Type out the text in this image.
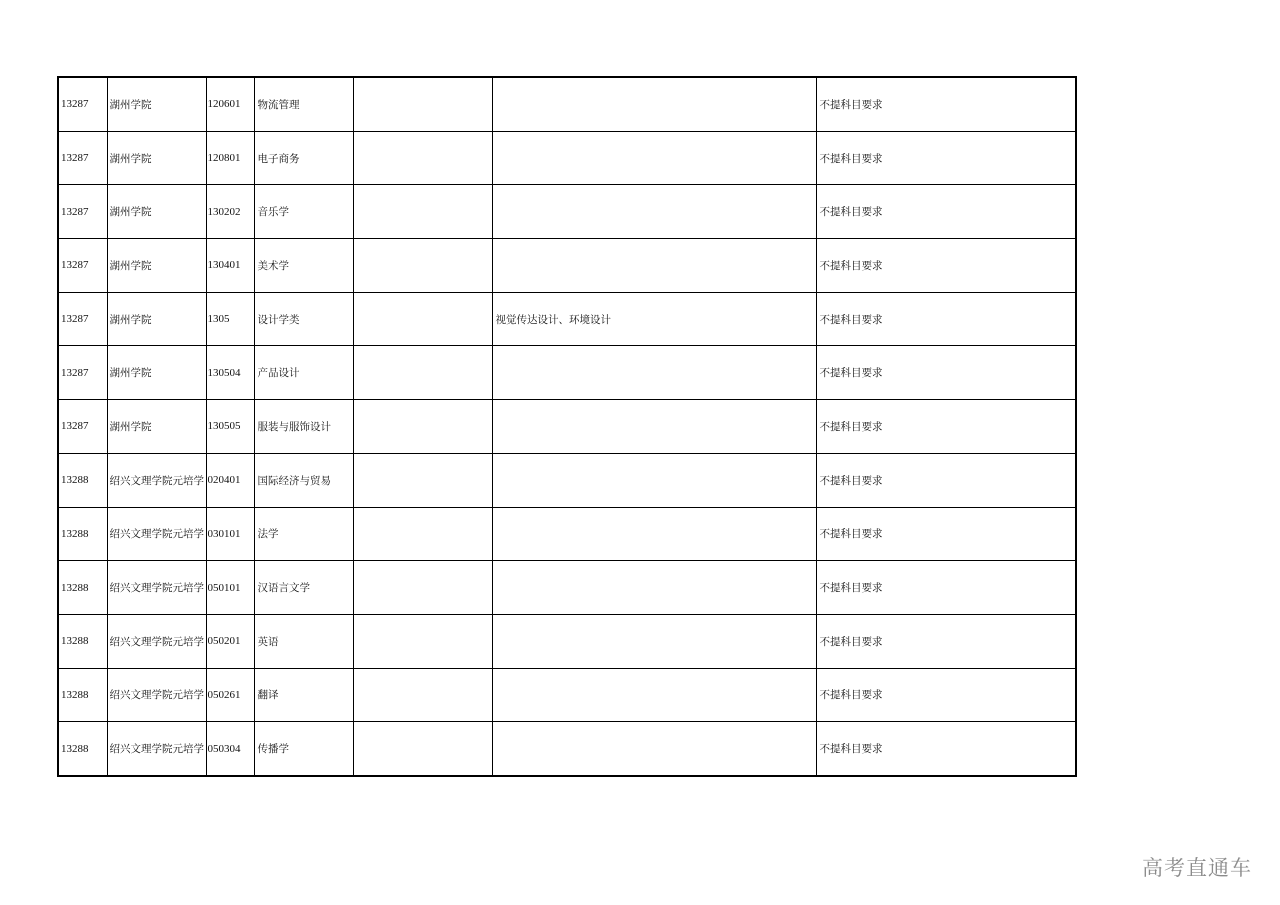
13287	湖州学院	120601	物流管理			不提科目要求
13287	湖州学院	120801	电子商务			不提科目要求
13287	湖州学院	130202	音乐学			不提科目要求
13287	湖州学院	130401	美术学			不提科目要求
13287	湖州学院	1305	设计学类		视觉传达设计、环境设计	不提科目要求
13287	湖州学院	130504	产品设计			不提科目要求
13287	湖州学院	130505	服装与服饰设计			不提科目要求
13288	绍兴文理学院元培学	020401	国际经济与贸易			不提科目要求
13288	绍兴文理学院元培学	030101	法学			不提科目要求
13288	绍兴文理学院元培学	050101	汉语言文学			不提科目要求
13288	绍兴文理学院元培学	050201	英语			不提科目要求
13288	绍兴文理学院元培学	050261	翻译			不提科目要求
13288	绍兴文理学院元培学	050304	传播学			不提科目要求
高考直通车
